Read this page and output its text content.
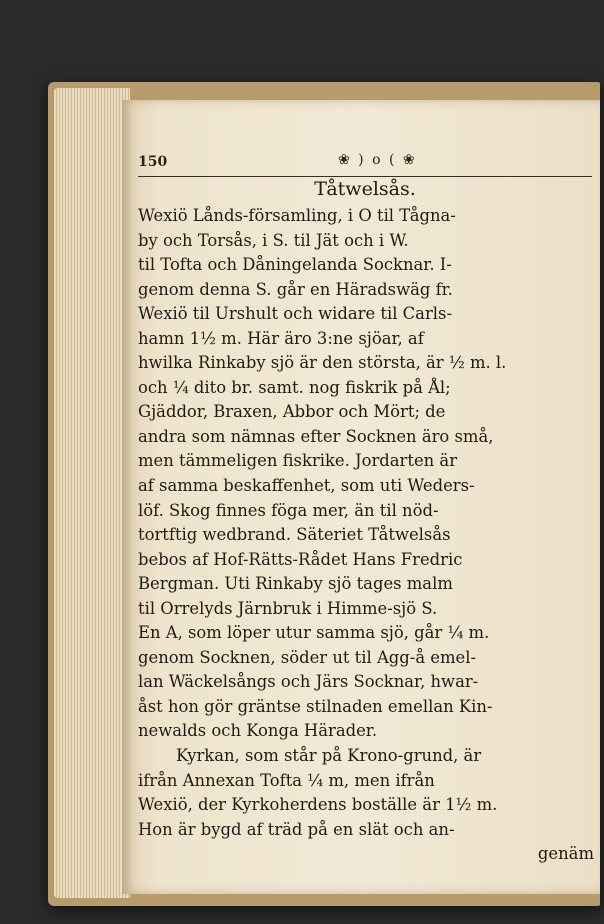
150	❀ ) o ( ❀
Tåtwelsås.
Wexiö Lånds-församling, i O til Tågna-
by och Torsås, i S. til Jät och i W.
til Tofta och Dåningelanda Socknar. I-
genom denna S. går en Häradswäg fr.
Wexiö til Urshult och widare til Carls-
hamn 1½ m. Här äro 3:ne sjöar, af
hwilka Rinkaby sjö är den största, är ½ m. l.
och ¼ dito br. samt. nog fiskrik på Ål;
Gjäddor, Braxen, Abbor och Mört; de
andra som nämnas efter Socknen äro små,
men tämmeligen fiskrike. Jordarten är
af samma beskaffenhet, som uti Weders-
löf. Skog finnes föga mer, än til nöd-
tortftig wedbrand. Säteriet Tåtwelsås
bebos af Hof-Rätts-Rådet Hans Fredric
Bergman. Uti Rinkaby sjö tages malm
til Orrelyds Järnbruk i Himme-sjö S.
En A, som löper utur samma sjö, går ¼ m.
genom Socknen, söder ut til Agg-å emel-
lan Wäckelsångs och Järs Socknar, hwar-
åst hon gör gräntse stilnaden emellan Kin-
newalds och Konga Härader.
Kyrkan, som står på Krono-grund, är
ifrån Annexan Tofta ¼ m, men ifrån
Wexiö, der Kyrkoherdens boställe är 1½ m.
Hon är bygd af träd på en slät och an-
genäm
